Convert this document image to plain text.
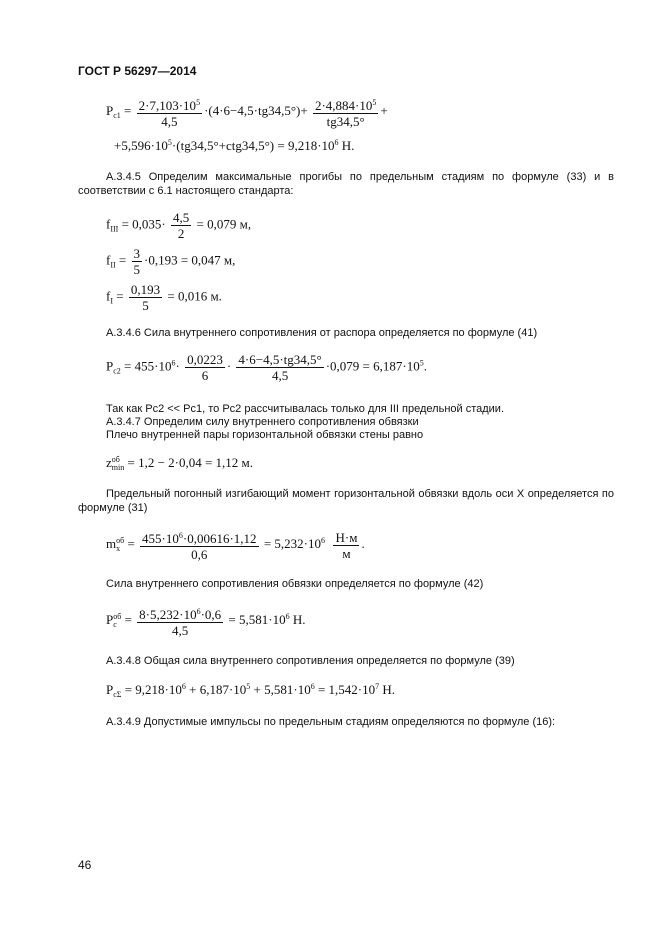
ГОСТ Р 56297—2014
$P_{c1} = \frac{2\cdot 7,103\cdot 10^5}{4,5} \cdot(4\cdot 6-4,5\cdot tg34,5^\circ)+ \frac{2\cdot 4,884\cdot 10^5}{tg34,5^\circ}$ +
$+5,596\cdot 10^5\cdot(tg34,5^\circ+ctg34,5^\circ) = 9,218\cdot 10^6$ Н.
А.3.4.5 Определим максимальные прогибы по предельным стадиям по формуле (33) и в соответствии с 6.1 настоящего стандарта:
$f_{III} = 0,035\cdot \frac{4,5}{2} = 0,079$ м,
$f_{II} = \frac{3}{5} \cdot 0,193 = 0,047$ м,
$f_I = \frac{0,193}{5} = 0,016$ м.
А.3.4.6 Сила внутреннего сопротивления от распора определяется по формуле (41)
$P_{c2} = 455\cdot 10^6\cdot \frac{0,0223}{6} \cdot \frac{4\cdot 6-4,5\cdot tg34,5^\circ}{4,5} \cdot 0,079 = 6,187\cdot 10^5$.
Так как Pc2 << Pc1, то Pc2 рассчитывалась только для III предельной стадии.
А.3.4.7 Определим силу внутреннего сопротивления обвязки
Плечо внутренней пары горизонтальной обвязки стены равно
z об
min = 1,2 − 2·0,04 = 1,12 м.
Предельный погонный изгибающий момент горизонтальной обвязки вдоль оси X определяется по формуле (31)
m об
$x = \frac{455\cdot 10^6\cdot 0,00616\cdot 1,12}{0,6} = 5,232\cdot 10^6 \frac{Н\cdot м}{м}$ .
Сила внутреннего сопротивления обвязки определяется по формуле (42)
P об
$c = \frac{8\cdot 5,232\cdot 10^6\cdot 0,6}{4,5} = 5,581\cdot 10^6$ Н.
А.3.4.8 Общая сила внутреннего сопротивления определяется по формуле (39)
$P_{c\Sigma} = 9,218\cdot 10^6 + 6,187\cdot 10^5 + 5,581\cdot 10^6 = 1,542\cdot 10^7$ Н.
А.3.4.9 Допустимые импульсы по предельным стадиям определяются по формуле (16):
46
